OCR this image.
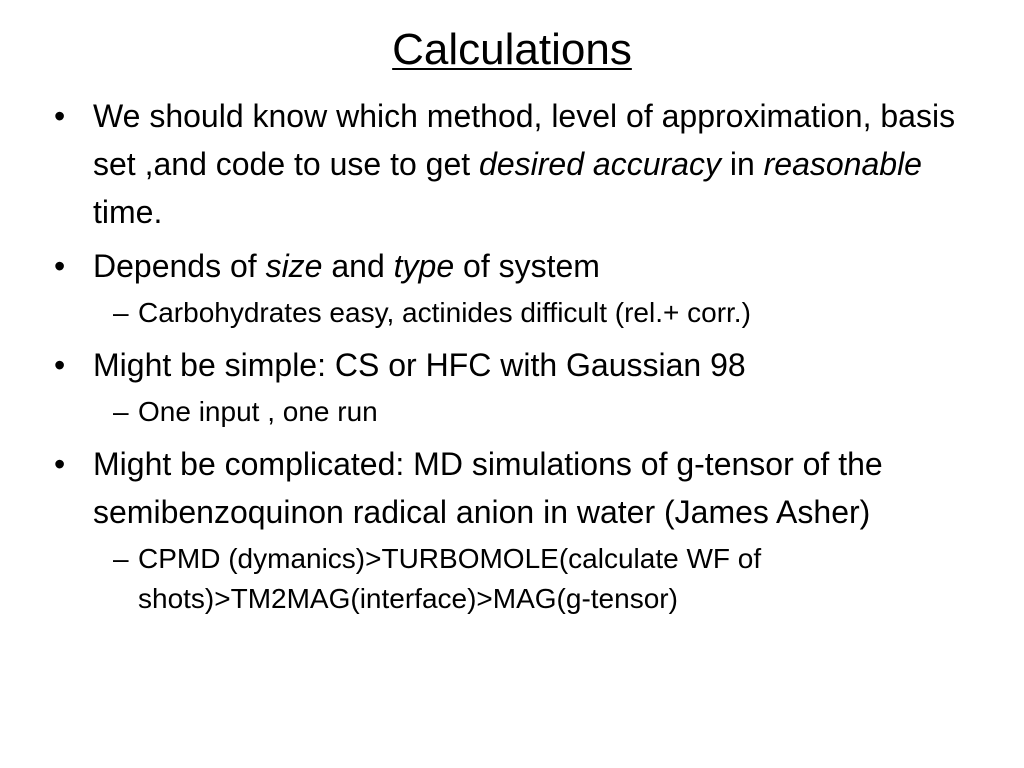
Calculations

• We should know which method, level of approximation, basis set ,and code to use to get desired accuracy in reasonable time.

• Depends of size and type of system

– Carbohydrates easy, actinides difficult (rel.+ corr.)

• Might be simple: CS or HFC with Gaussian 98

– One input , one run

• Might be complicated: MD simulations of g-tensor of the semibenzoquinon radical anion in water (James Asher)

– CPMD (dymanics)>TURBOMOLE(calculate WF of shots)>TM2MAG(interface)>MAG(g-tensor)
